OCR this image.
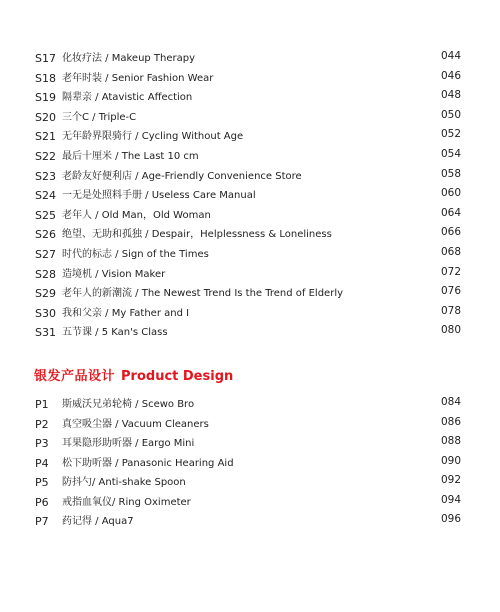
S17 化妆疗法 / Makeup Therapy	044
S18 老年时装 / Senior Fashion Wear	046
S19 隔辈亲 / Atavistic Affection	048
S20 三个C / Triple-C	050
S21 无年龄界限骑行 / Cycling Without Age	052
S22 最后十厘米 / The Last 10 cm	054
S23 老龄友好便利店 / Age-Friendly Convenience Store	058
S24 一无是处照料手册 / Useless Care Manual	060
S25 老年人 / Old Man，Old Woman	064
S26 绝望、无助和孤独 / Despair，Helplessness & Loneliness	066
S27 时代的标志 / Sign of the Times	068
S28 造境机 / Vision Maker	072
S29 老年人的新潮流 / The Newest Trend Is the Trend of Elderly	076
S30 我和父亲 / My Father and I	078
S31 五节课 / 5 Kan's Class	080
银发产品设计 Product Design
P1 斯威沃兄弟轮椅 / Scewo Bro	084
P2 真空吸尘器 / Vacuum Cleaners	086
P3 耳果隐形助听器 / Eargo Mini	088
P4 松下助听器 / Panasonic Hearing Aid	090
P5 防抖勺/ Anti-shake Spoon	092
P6 戒指血氧仪/ Ring Oximeter	094
P7 药记得 / Aqua7	096
